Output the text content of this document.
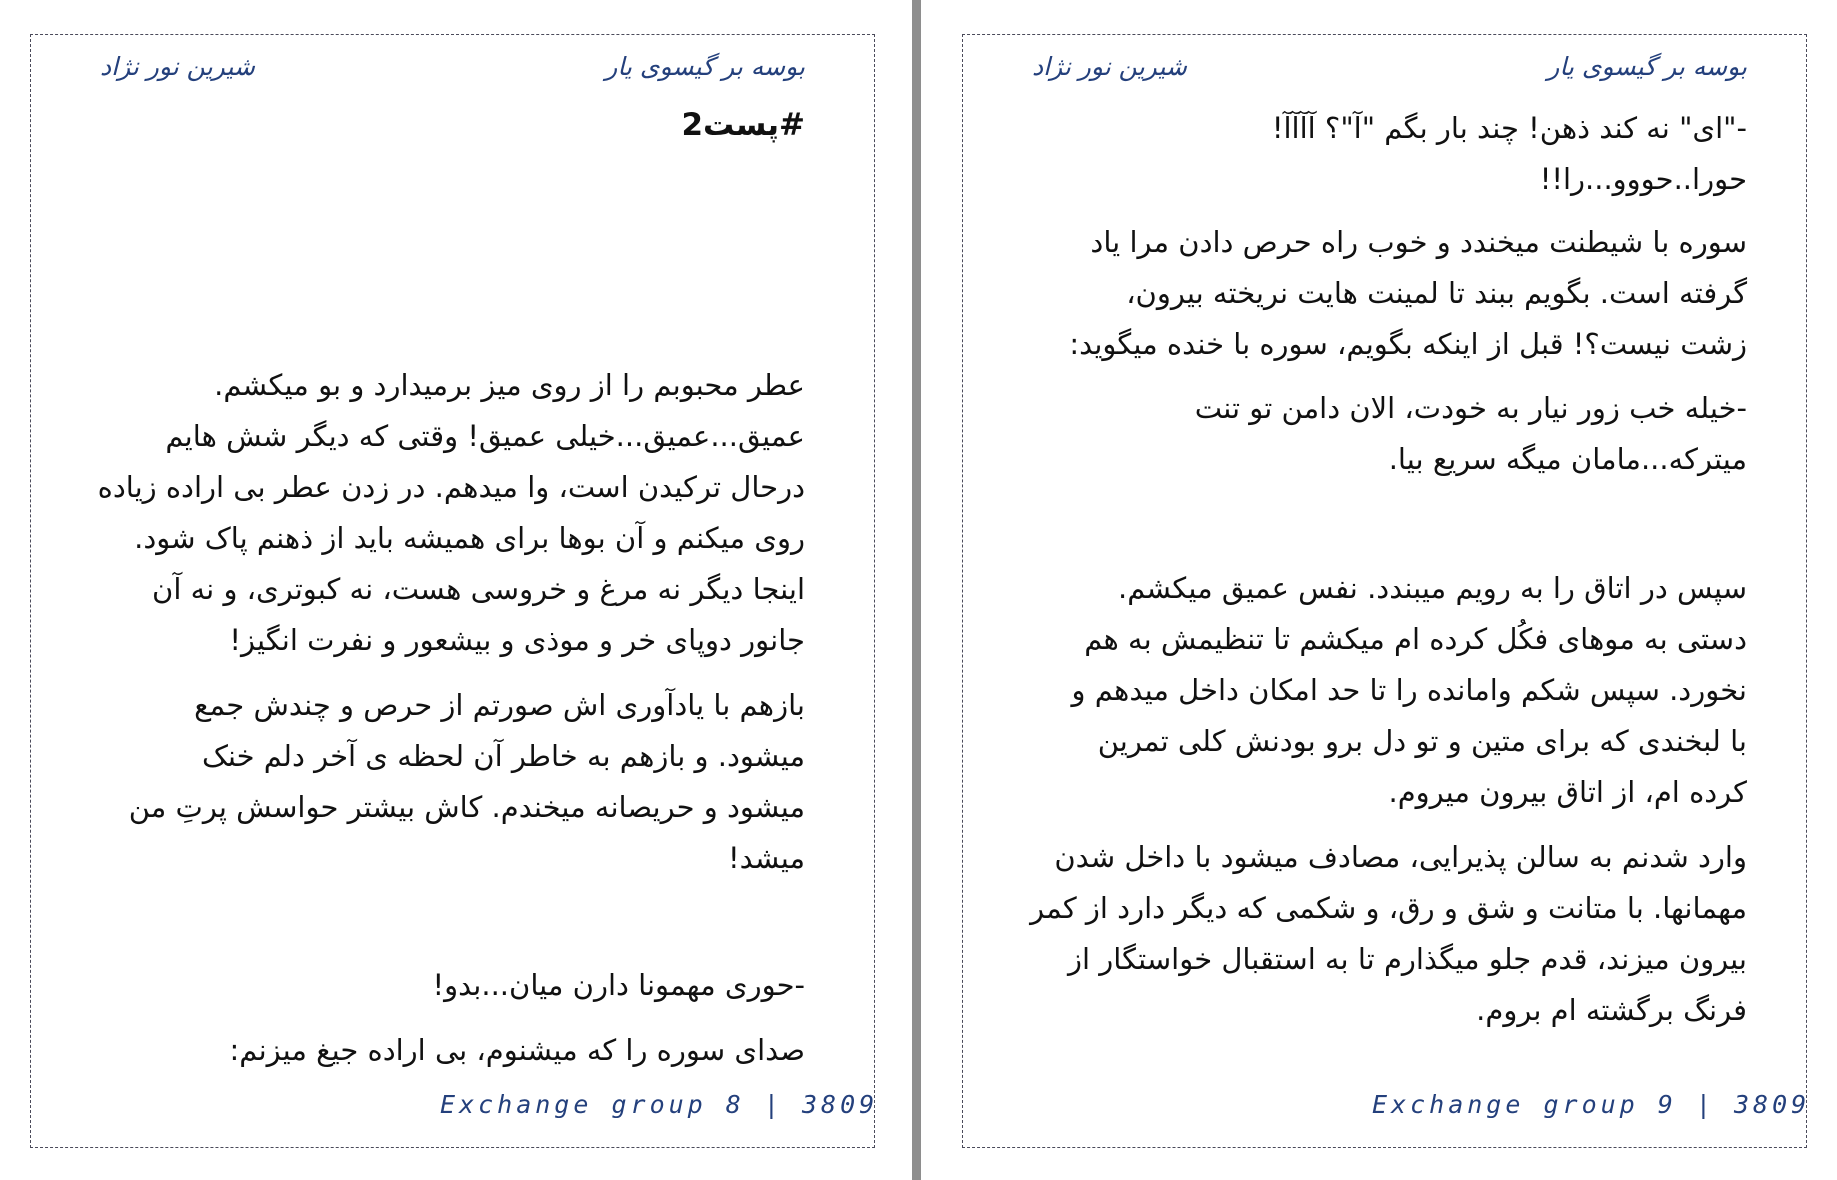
بوسه بر گیسوی یار
شیرین نور نژاد

#پست2

عطر محبوبم را از روی میز برمیدارد و بو میکشم.

عمیق...عمیق...خیلی عمیق! وقتی که دیگر شش هایم

درحال ترکیدن است، وا میدهم. در زدن عطر بی اراده زیاده

روی میکنم و آن بوها برای همیشه باید از ذهنم پاک شود.

اینجا دیگر نه مرغ و خروسی هست، نه کبوتری، و نه آن

جانور دوپای خر و موذی و بیشعور و نفرت انگیز!

بازهم با یادآوری اش صورتم از حرص و چندش جمع

میشود. و بازهم به خاطر آن لحظه ی آخر دلم خنک

میشود و حریصانه میخندم. کاش بیشتر حواسش پرتِ من

میشد!

-حوری مهمونا دارن میان...بدو!

صدای سوره را که میشنوم، بی اراده جیغ میزنم:

Exchange group 8 | 3809
بوسه بر گیسوی یار
شیرین نور نژاد

-"ای" نه کند ذهن! چند بار بگم "آ"؟ آآآآ!

حورا..حووو...را!!

سوره با شیطنت میخندد و خوب راه حرص دادن مرا یاد

گرفته است. بگویم ببند تا لمینت هایت نریخته بیرون،

زشت نیست؟! قبل از اینکه بگویم، سوره با خنده میگوید:

-خیله خب زور نیار به خودت، الان دامن تو تنت

میترکه...مامان میگه سریع بیا.

سپس در اتاق را به رویم میبندد. نفس عمیق میکشم.

دستی به موهای فکُل کرده ام میکشم تا تنظیمش به هم

نخورد. سپس شکم وامانده را تا حد امکان داخل میدهم و

با لبخندی که برای متین و تو دل برو بودنش کلی تمرین

کرده ام، از اتاق بیرون میروم.

وارد شدنم به سالن پذیرایی، مصادف میشود با داخل شدن

مهمانها. با متانت و شق و رق، و شکمی که دیگر دارد از کمر

بیرون میزند، قدم جلو میگذارم تا به استقبال خواستگار از

فرنگ برگشته ام بروم.

Exchange group 9 | 3809
